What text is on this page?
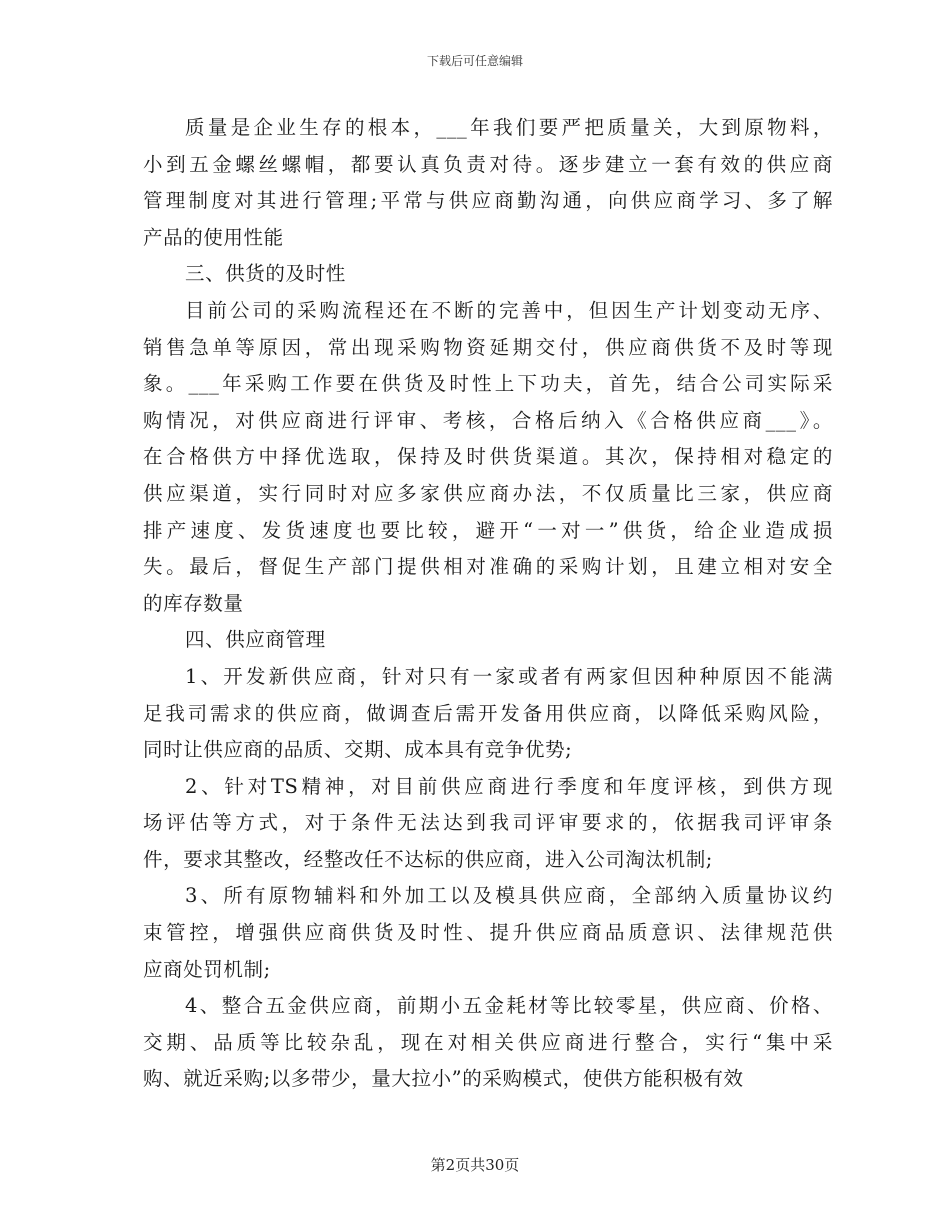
下载后可任意编辑
质量是企业生存的根本，___年我们要严把质量关，大到原物料，
小到五金螺丝螺帽，都要认真负责对待。逐步建立一套有效的供应商
管理制度对其进行管理;平常与供应商勤沟通，向供应商学习、多了解
产品的使用性能
三、供货的及时性
目前公司的采购流程还在不断的完善中，但因生产计划变动无序、
销售急单等原因，常出现采购物资延期交付，供应商供货不及时等现
象。___年采购工作要在供货及时性上下功夫，首先，结合公司实际采
购情况，对供应商进行评审、考核，合格后纳入《合格供应商___》。
在合格供方中择优选取，保持及时供货渠道。其次，保持相对稳定的
供应渠道，实行同时对应多家供应商办法，不仅质量比三家，供应商
排产速度、发货速度也要比较，避开“一对一”供货，给企业造成损
失。最后，督促生产部门提供相对准确的采购计划，且建立相对安全
的库存数量
四、供应商管理
1、开发新供应商，针对只有一家或者有两家但因种种原因不能满
足我司需求的供应商，做调查后需开发备用供应商，以降低采购风险，
同时让供应商的品质、交期、成本具有竞争优势;
2、针对TS精神，对目前供应商进行季度和年度评核，到供方现
场评估等方式，对于条件无法达到我司评审要求的，依据我司评审条
件，要求其整改，经整改任不达标的供应商，进入公司淘汰机制;
3、所有原物辅料和外加工以及模具供应商，全部纳入质量协议约
束管控，增强供应商供货及时性、提升供应商品质意识、法律规范供
应商处罚机制;
4、整合五金供应商，前期小五金耗材等比较零星，供应商、价格、
交期、品质等比较杂乱，现在对相关供应商进行整合，实行“集中采
购、就近采购;以多带少，量大拉小”的采购模式，使供方能积极有效
第2页共30页
